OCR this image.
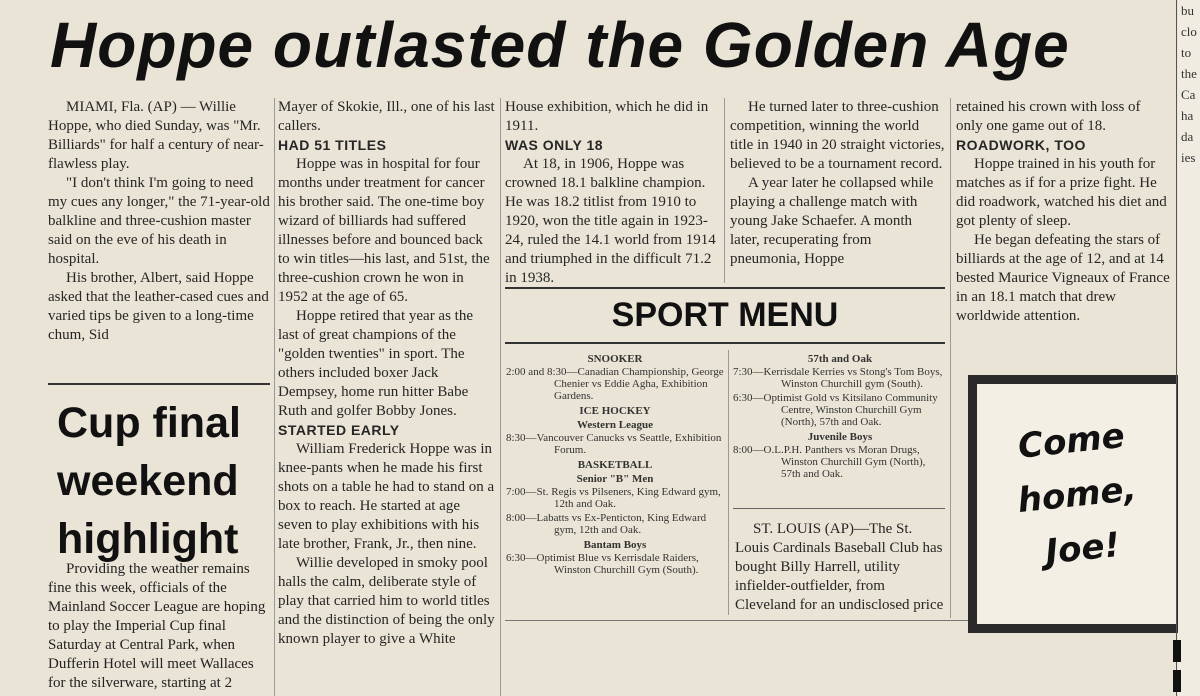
Hoppe outlasted the Golden Age

MIAMI, Fla. (AP) — Willie Hoppe, who died Sunday, was "Mr. Billiards" for half a century of near-flawless play.

"I don't think I'm going to need my cues any longer," the 71-year-old balkline and three-cushion master said on the eve of his death in hospital.

His brother, Albert, said Hoppe asked that the leather-cased cues and varied tips be given to a long-time chum, Sid

Cup final weekend highlight

Providing the weather remains fine this week, officials of the Mainland Soccer League are hoping to play the Imperial Cup final Saturday at Central Park, when Dufferin Hotel will meet Wallaces for the silverware, starting at 2

Mayer of Skokie, Ill., one of his last callers.

HAD 51 TITLES

Hoppe was in hospital for four months under treatment for cancer his brother said. The one-time boy wizard of billiards had suffered illnesses before and bounced back to win titles—his last, and 51st, the three-cushion crown he won in 1952 at the age of 65.

Hoppe retired that year as the last of great champions of the "golden twenties" in sport. The others included boxer Jack Dempsey, home run hitter Babe Ruth and golfer Bobby Jones.

STARTED EARLY

William Frederick Hoppe was in knee-pants when he made his first shots on a table he had to stand on a box to reach. He started at age seven to play exhibitions with his late brother, Frank, Jr., then nine.

Willie developed in smoky pool halls the calm, deliberate style of play that carried him to world titles and the distinction of being the only known player to give a White

House exhibition, which he did in 1911.

WAS ONLY 18

At 18, in 1906, Hoppe was crowned 18.1 balkline champion. He was 18.2 titlist from 1910 to 1920, won the title again in 1923-24, ruled the 14.1 world from 1914 and triumphed in the difficult 71.2 in 1938.

He turned later to three-cushion competition, winning the world title in 1940 in 20 straight victories, believed to be a tournament record.

A year later he collapsed while playing a challenge match with young Jake Schaefer. A month later, recuperating from pneumonia, Hoppe

retained his crown with loss of only one game out of 18.

ROADWORK, TOO

Hoppe trained in his youth for matches as if for a prize fight. He did roadwork, watched his diet and got plenty of sleep.

He began defeating the stars of billiards at the age of 12, and at 14 bested Maurice Vigneaux of France in an 18.1 match that drew worldwide attention.

SPORT MENU
SNOOKER

2:00 and 8:30—Canadian Championship, George Chenier vs Eddie Agha, Exhibition Gardens.

ICE HOCKEY
Western League

8:30—Vancouver Canucks vs Seattle, Exhibition Forum.

BASKETBALL
Senior "B" Men

7:00—St. Regis vs Pilseners, King Edward gym, 12th and Oak.

8:00—Labatts vs Ex-Penticton, King Edward gym, 12th and Oak.

Bantam Boys

6:30—Optimist Blue vs Kerrisdale Raiders, Winston Churchill Gym (South).

57th and Oak

7:30—Kerrisdale Kerries vs Stong's Tom Boys, Winston Churchill gym (South).

6:30—Optimist Gold vs Kitsilano Community Centre, Winston Churchill Gym (North), 57th and Oak.

Juvenile Boys

8:00—O.L.P.H. Panthers vs Moran Drugs, Winston Churchill Gym (North), 57th and Oak.

ST. LOUIS (AP)—The St. Louis Cardinals Baseball Club has bought Billy Harrell, utility infielder-outfielder, from Cleveland for an undisclosed price

Come home, Joe!
bu
clo
to
the
Ca
ha
da
ies
